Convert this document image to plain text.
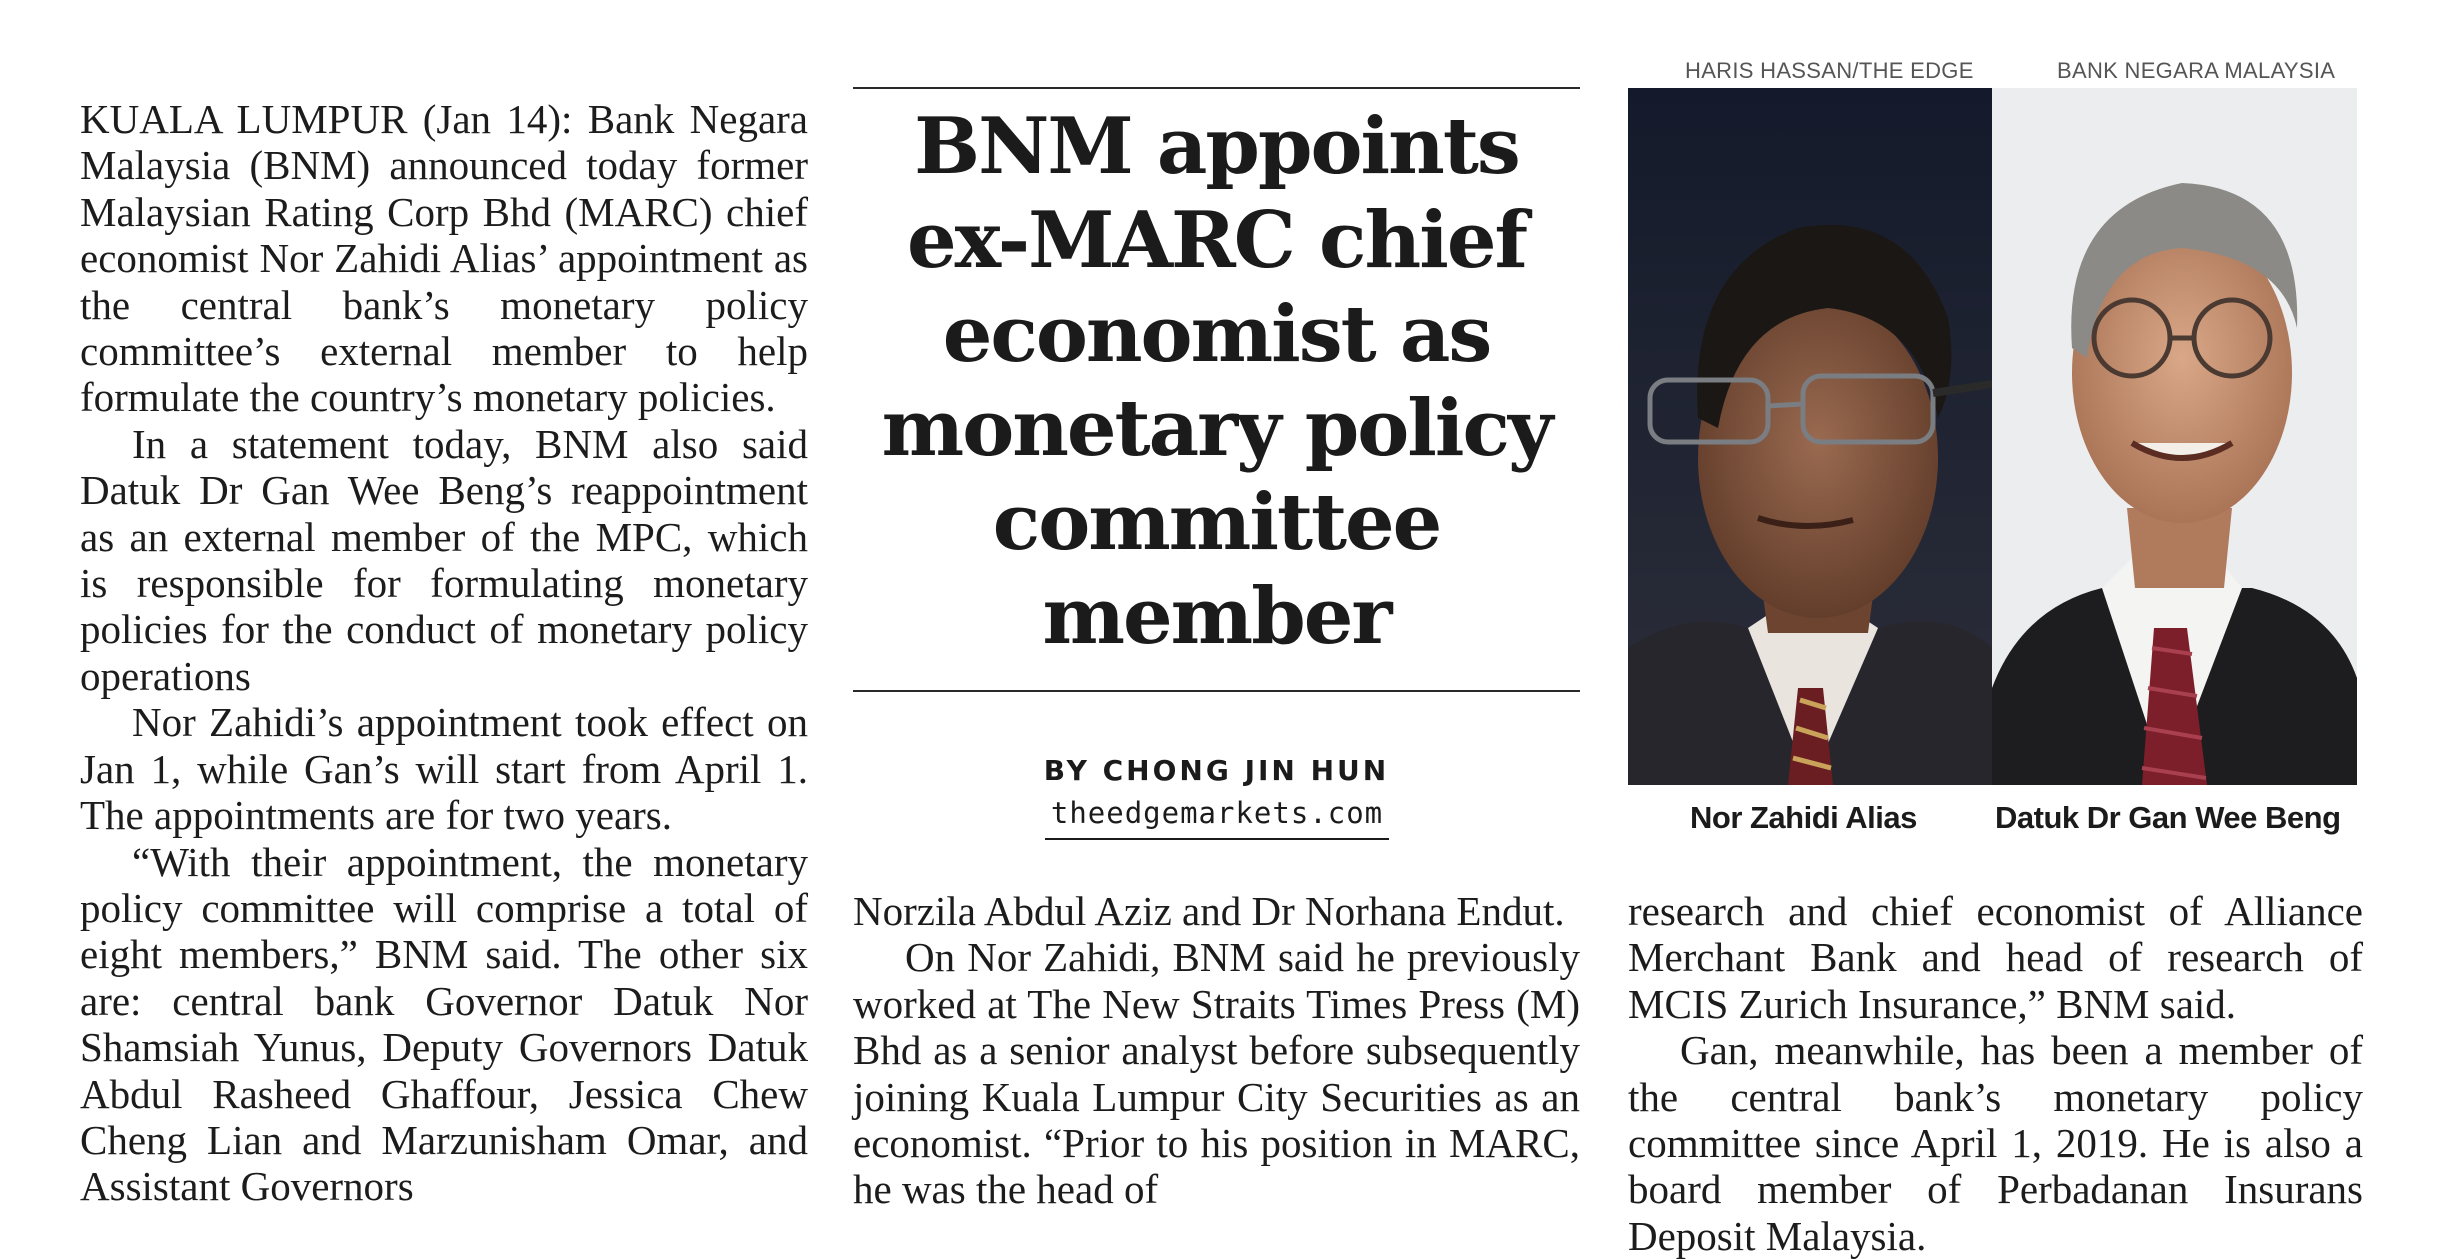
KUALA LUMPUR (Jan 14): Bank Negara Malaysia (BNM) announced today former Malaysian Rating Corp Bhd (MARC) chief economist Nor Zahidi Alias’ appointment as the central bank’s monetary policy committee’s external member to help formulate the country’s monetary policies.

In a statement today, BNM also said Datuk Dr Gan Wee Beng’s reappointment as an external member of the MPC, which is responsible for formulating monetary policies for the conduct of monetary policy operations

Nor Zahidi’s appointment took effect on Jan 1, while Gan’s will start from April 1. The appointments are for two years.

“With their appointment, the monetary policy committee will comprise a total of eight members,” BNM said. The other six are: central bank Governor Datuk Nor Shamsiah Yunus, Deputy Governors Datuk Abdul Rasheed Ghaffour, Jessica Chew Cheng Lian and Marzunisham Omar, and Assistant Governors

BNM appoints
ex-MARC chief
economist as
monetary policy
committee
member
BY CHONG JIN HUN
theedgemarkets.com

Norzila Abdul Aziz and Dr Norhana Endut.

On Nor Zahidi, BNM said he previously worked at The New Straits Times Press (M) Bhd as a senior analyst before subsequently joining Kuala Lumpur City Securities as an economist. “Prior to his position in MARC, he was the head of

HARIS HASSAN/THE EDGE	BANK NEGARA MALAYSIA
Nor Zahidi Alias	Datuk Dr Gan Wee Beng

research and chief economist of Alliance Merchant Bank and head of research of MCIS Zurich Insurance,” BNM said.

Gan, meanwhile, has been a member of the central bank’s monetary policy committee since April 1, 2019. He is also a board member of Perbadanan Insurans Deposit Malaysia.
